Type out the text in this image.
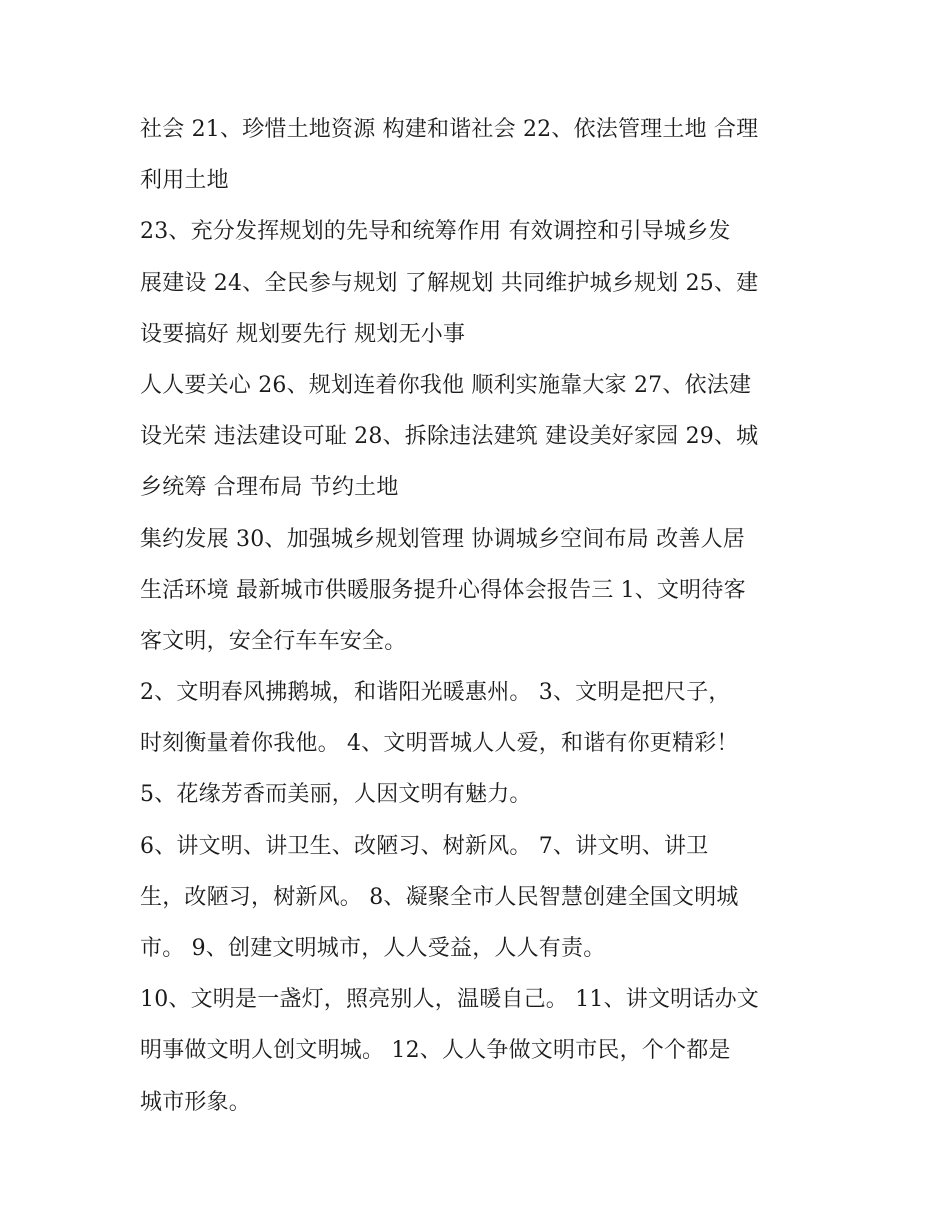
社会 21、珍惜土地资源 构建和谐社会 22、依法管理土地 合理
利用土地
23、充分发挥规划的先导和统筹作用 有效调控和引导城乡发
展建设 24、全民参与规划 了解规划 共同维护城乡规划 25、建
设要搞好 规划要先行 规划无小事
人人要关心 26、规划连着你我他 顺利实施靠大家 27、依法建
设光荣 违法建设可耻 28、拆除违法建筑 建设美好家园 29、城
乡统筹 合理布局 节约土地
集约发展 30、加强城乡规划管理 协调城乡空间布局 改善人居
生活环境 最新城市供暖服务提升心得体会报告三 1、文明待客
客文明，安全行车车安全。
2、文明春风拂鹅城，和谐阳光暖惠州。 3、文明是把尺子，
时刻衡量着你我他。 4、文明晋城人人爱，和谐有你更精彩！
5、花缘芳香而美丽，人因文明有魅力。
6、讲文明、讲卫生、改陋习、树新风。 7、讲文明、讲卫
生，改陋习，树新风。 8、凝聚全市人民智慧创建全国文明城
市。 9、创建文明城市，人人受益，人人有责。
10、文明是一盏灯，照亮别人，温暖自己。 11、讲文明话办文
明事做文明人创文明城。 12、人人争做文明市民，个个都是
城市形象。
